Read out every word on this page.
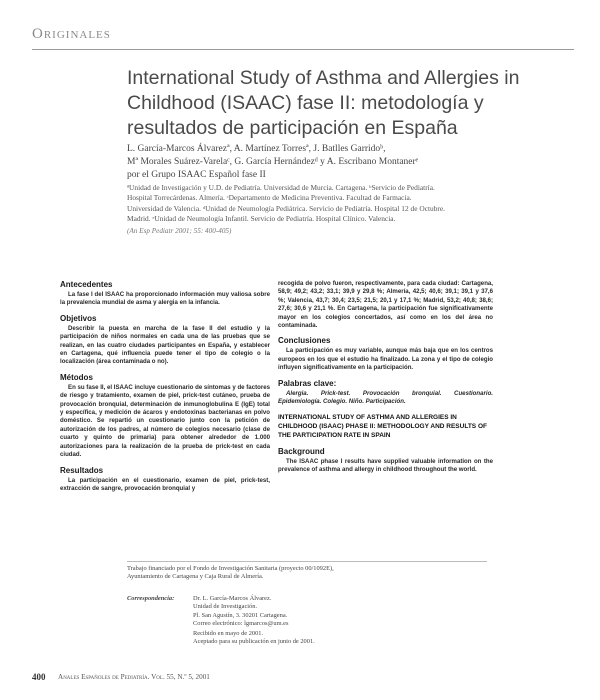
Originales
International Study of Asthma and Allergies in Childhood (ISAAC) fase II: metodología y resultados de participación en España
L. García-Marcos Álvarezª, A. Martínez Torresª, J. Batlles Garridoᵇ,
Mª Morales Suárez-Varelaᶜ, G. García Hernándezᵈ y A. Escribano Montanerᵉ
por el Grupo ISAAC Español fase II
ªUnidad de Investigación y U.D. de Pediatría. Universidad de Murcia. Cartagena. ᵇServicio de Pediatría.
Hospital Torrecárdenas. Almería. ᶜDepartamento de Medicina Preventiva. Facultad de Farmacia.
Universidad de Valencia. ᵈUnidad de Neumología Pediátrica. Servicio de Pediatría. Hospital 12 de Octubre.
Madrid. ᵉUnidad de Neumología Infantil. Servicio de Pediatría. Hospital Clínico. Valencia.
(An Esp Pediatr 2001; 55: 400-405)
Antecedentes

La fase I del ISAAC ha proporcionado información muy valiosa sobre la prevalencia mundial de asma y alergia en la infancia.

Objetivos

Describir la puesta en marcha de la fase II del estudio y la participación de niños normales en cada una de las pruebas que se realizan, en las cuatro ciudades participantes en España, y establecer en Cartagena, qué influencia puede tener el tipo de colegio o la localización (área contaminada o no).

Métodos

En su fase II, el ISAAC incluye cuestionario de síntomas y de factores de riesgo y tratamiento, examen de piel, prick-test cutáneo, prueba de provocación bronquial, determinación de inmunoglobulina E (IgE) total y específica, y medición de ácaros y endotoxinas bacterianas en polvo doméstico. Se repartió un cuestionario junto con la petición de autorización de los padres, al número de colegios necesario (clase de cuarto y quinto de primaria) para obtener alrededor de 1.000 autorizaciones para la realización de la prueba de prick-test en cada ciudad.

Resultados

La participación en el cuestionario, examen de piel, prick-test, extracción de sangre, provocación bronquial y

recogida de polvo fueron, respectivamente, para cada ciudad: Cartagena, 58,9; 49,2; 43,2; 33,1; 39,9 y 29,8 %; Almería, 42,5; 40,6; 39,1; 39,1 y 37,6 %; Valencia, 43,7; 30,4; 23,5; 21,5; 20,1 y 17,1 %; Madrid, 53,2; 40,8; 38,6; 27,6; 30,6 y 21,1 %. En Cartagena, la participación fue significativamente mayor en los colegios concertados, así como en los del área no contaminada.

Conclusiones

La participación es muy variable, aunque más baja que en los centros europeos en los que el estudio ha finalizado. La zona y el tipo de colegio influyen significativamente en la participación.

Palabras clave:

Alergia. Prick-test. Provocación bronquial. Cuestionario. Epidemiología. Colegio. Niño. Participación.

INTERNATIONAL STUDY OF ASTHMA AND ALLERGIES IN CHILDHOOD (ISAAC) PHASE II: METHODOLOGY AND RESULTS OF THE PARTICIPATION RATE IN SPAIN
Background

The ISAAC phase I results have supplied valuable information on the prevalence of asthma and allergy in childhood throughout the world.

Trabajo financiado por el Fondo de Investigación Sanitaria (proyecto 00/1092E),
Ayuntamiento de Cartagena y Caja Rural de Almería.
Correspondencia:	Dr. L. García-Marcos Álvarez.
Unidad de Investigación.
Pl. San Agustín, 3. 30201 Cartagena.
Correo electrónico: lgmarcos@um.es
Recibido en mayo de 2001.
Aceptado para su publicación en junio de 2001.
400 Anales Españoles de Pediatría. Vol. 55, N.º 5, 2001
